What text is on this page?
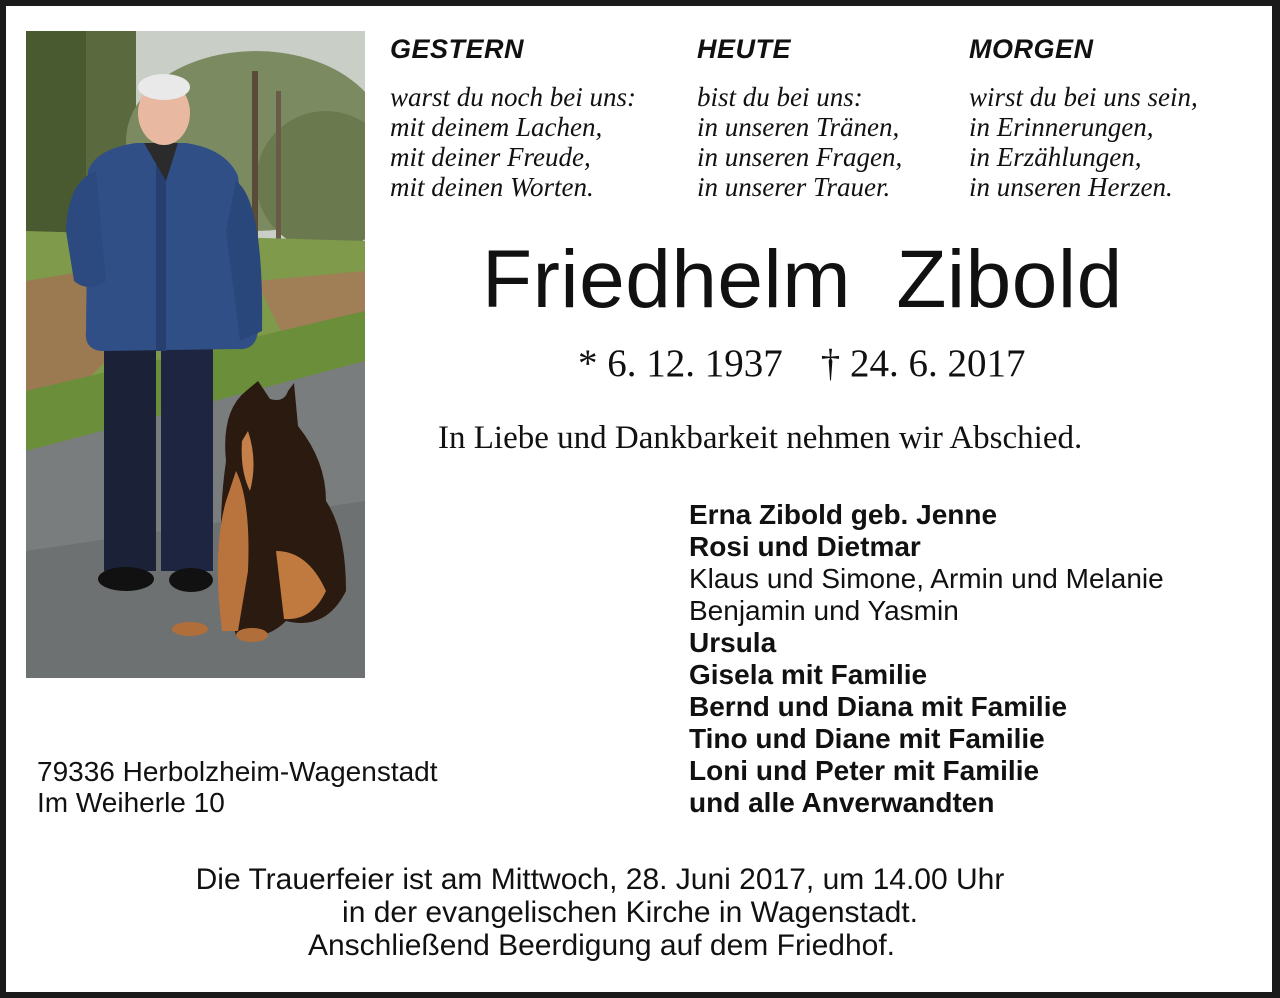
GESTERN
warst du noch bei uns:
mit deinem Lachen,
mit deiner Freude,
mit deinen Worten.
HEUTE
bist du bei uns:
in unseren Tränen,
in unseren Fragen,
in unserer Trauer.
MORGEN
wirst du bei uns sein,
in Erinnerungen,
in Erzählungen,
in unseren Herzen.
Friedhelm Zibold
* 6. 12. 1937 † 24. 6. 2017
In Liebe und Dankbarkeit nehmen wir Abschied.
Erna Zibold geb. Jenne
Rosi und Dietmar
Klaus und Simone, Armin und Melanie
Benjamin und Yasmin
Ursula
Gisela mit Familie
Bernd und Diana mit Familie
Tino und Diane mit Familie
Loni und Peter mit Familie
und alle Anverwandten
79336 Herbolzheim-Wagenstadt
Im Weiherle 10
Die Trauerfeier ist am Mittwoch, 28. Juni 2017, um 14.00 Uhr
in der evangelischen Kirche in Wagenstadt.
Anschließend Beerdigung auf dem Friedhof.
